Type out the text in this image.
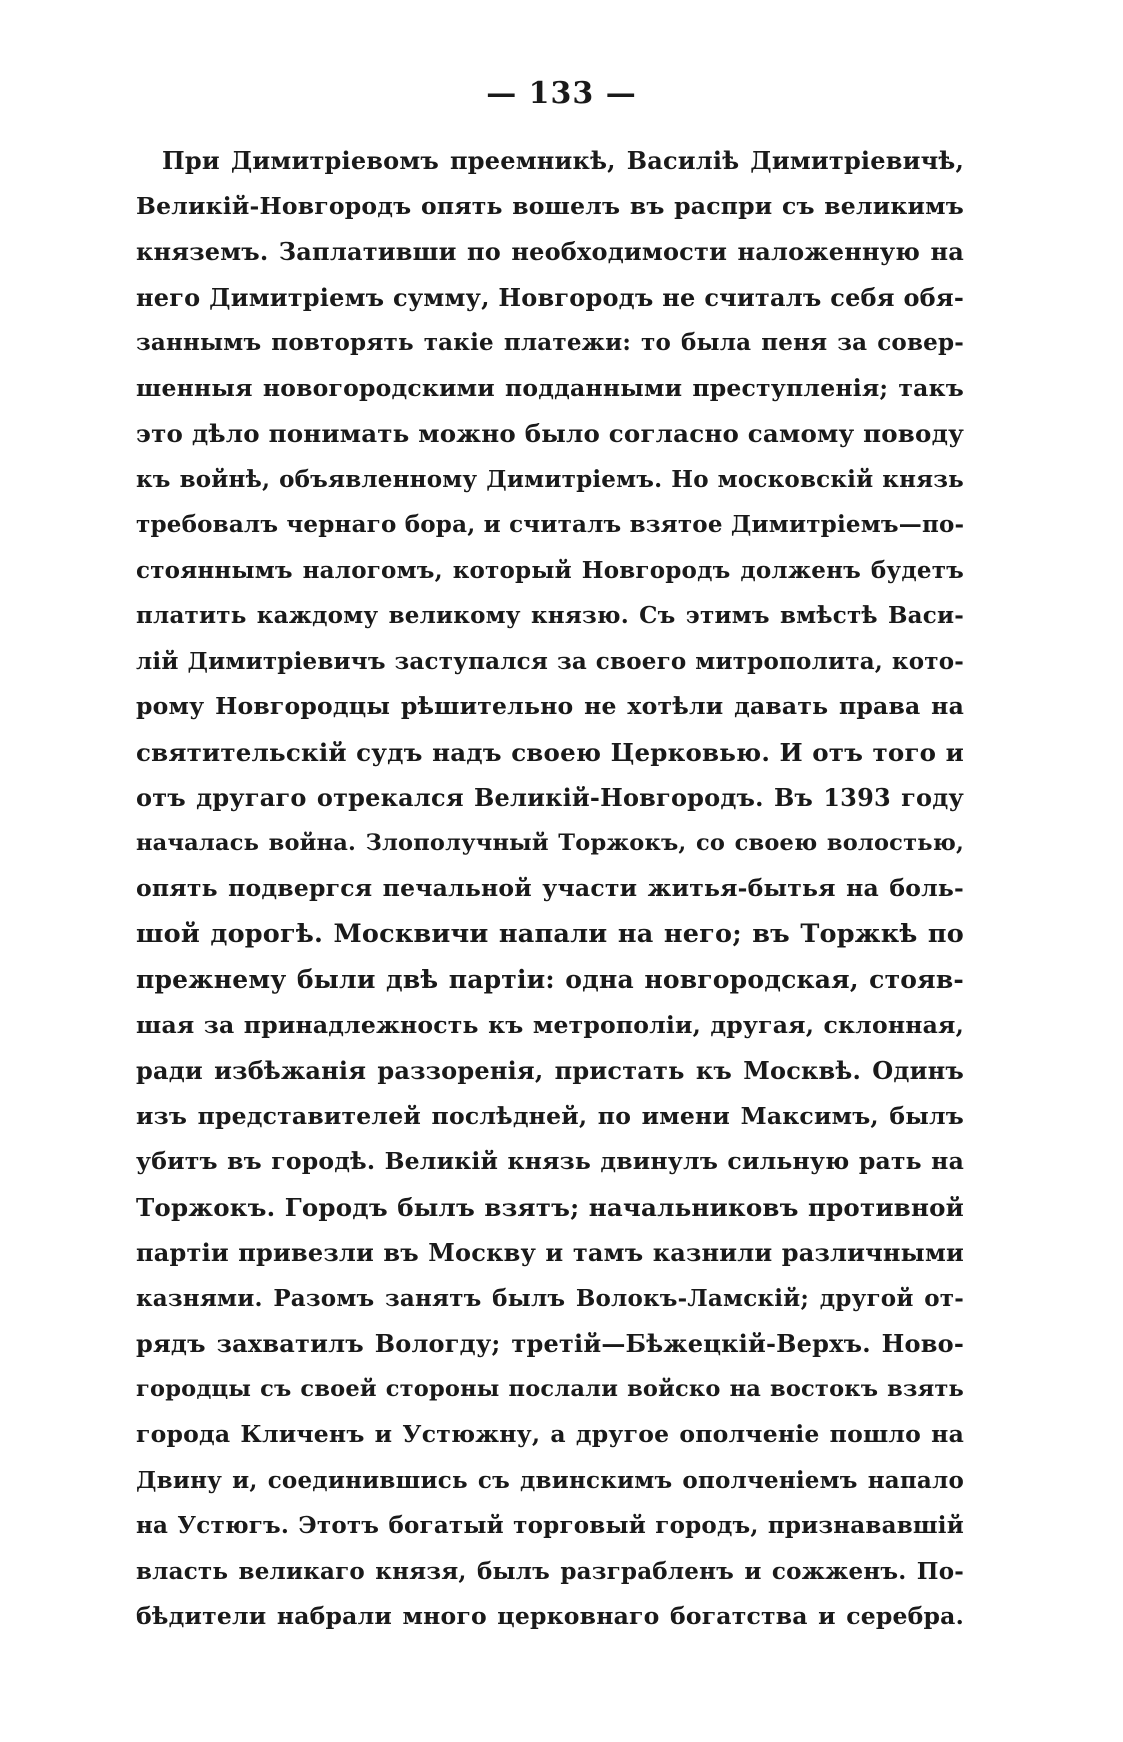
— 133 —
При Димитріевомъ преемникѣ, Василіѣ Димитріевичѣ,
Великій-Новгородъ опять вошелъ въ распри съ великимъ
княземъ. Заплативши по необходимости наложенную на
него Димитріемъ сумму, Новгородъ не считалъ себя обя-
заннымъ повторять такіе платежи: то была пеня за совер-
шенныя новогородскими подданными преступленія; такъ
это дѣло понимать можно было согласно самому поводу
къ войнѣ, объявленному Димитріемъ. Но московскій князь
требовалъ чернаго бора, и считалъ взятое Димитріемъ—по-
стояннымъ налогомъ, который Новгородъ долженъ будетъ
платить каждому великому князю. Съ этимъ вмѣстѣ Васи-
лій Димитріевичъ заступался за своего митрополита, кото-
рому Новгородцы рѣшительно не хотѣли давать права на
святительскій судъ надъ своею Церковью. И отъ того и
отъ другаго отрекался Великій-Новгородъ. Въ 1393 году
началась война. Злополучный Торжокъ, со своею волостью,
опять подвергся печальной участи житья-бытья на боль-
шой дорогѣ. Москвичи напали на него; въ Торжкѣ по
прежнему были двѣ партіи: одна новгородская, стояв-
шая за принадлежность къ метрополіи, другая, склонная,
ради избѣжанія раззоренія, пристать къ Москвѣ. Одинъ
изъ представителей послѣдней, по имени Максимъ, былъ
убитъ въ городѣ. Великій князь двинулъ сильную рать на
Торжокъ. Городъ былъ взятъ; начальниковъ противной
партіи привезли въ Москву и тамъ казнили различными
казнями. Разомъ занятъ былъ Волокъ-Ламскій; другой от-
рядъ захватилъ Вологду; третій—Бѣжецкій-Верхъ. Ново-
городцы съ своей стороны послали войско на востокъ взять
города Кличенъ и Устюжну, а другое ополченіе пошло на
Двину и, соединившись съ двинскимъ ополченіемъ напало
на Устюгъ. Этотъ богатый торговый городъ, признававшій
власть великаго князя, былъ разграбленъ и сожженъ. По-
бѣдители набрали много церковнаго богатства и серебра.
